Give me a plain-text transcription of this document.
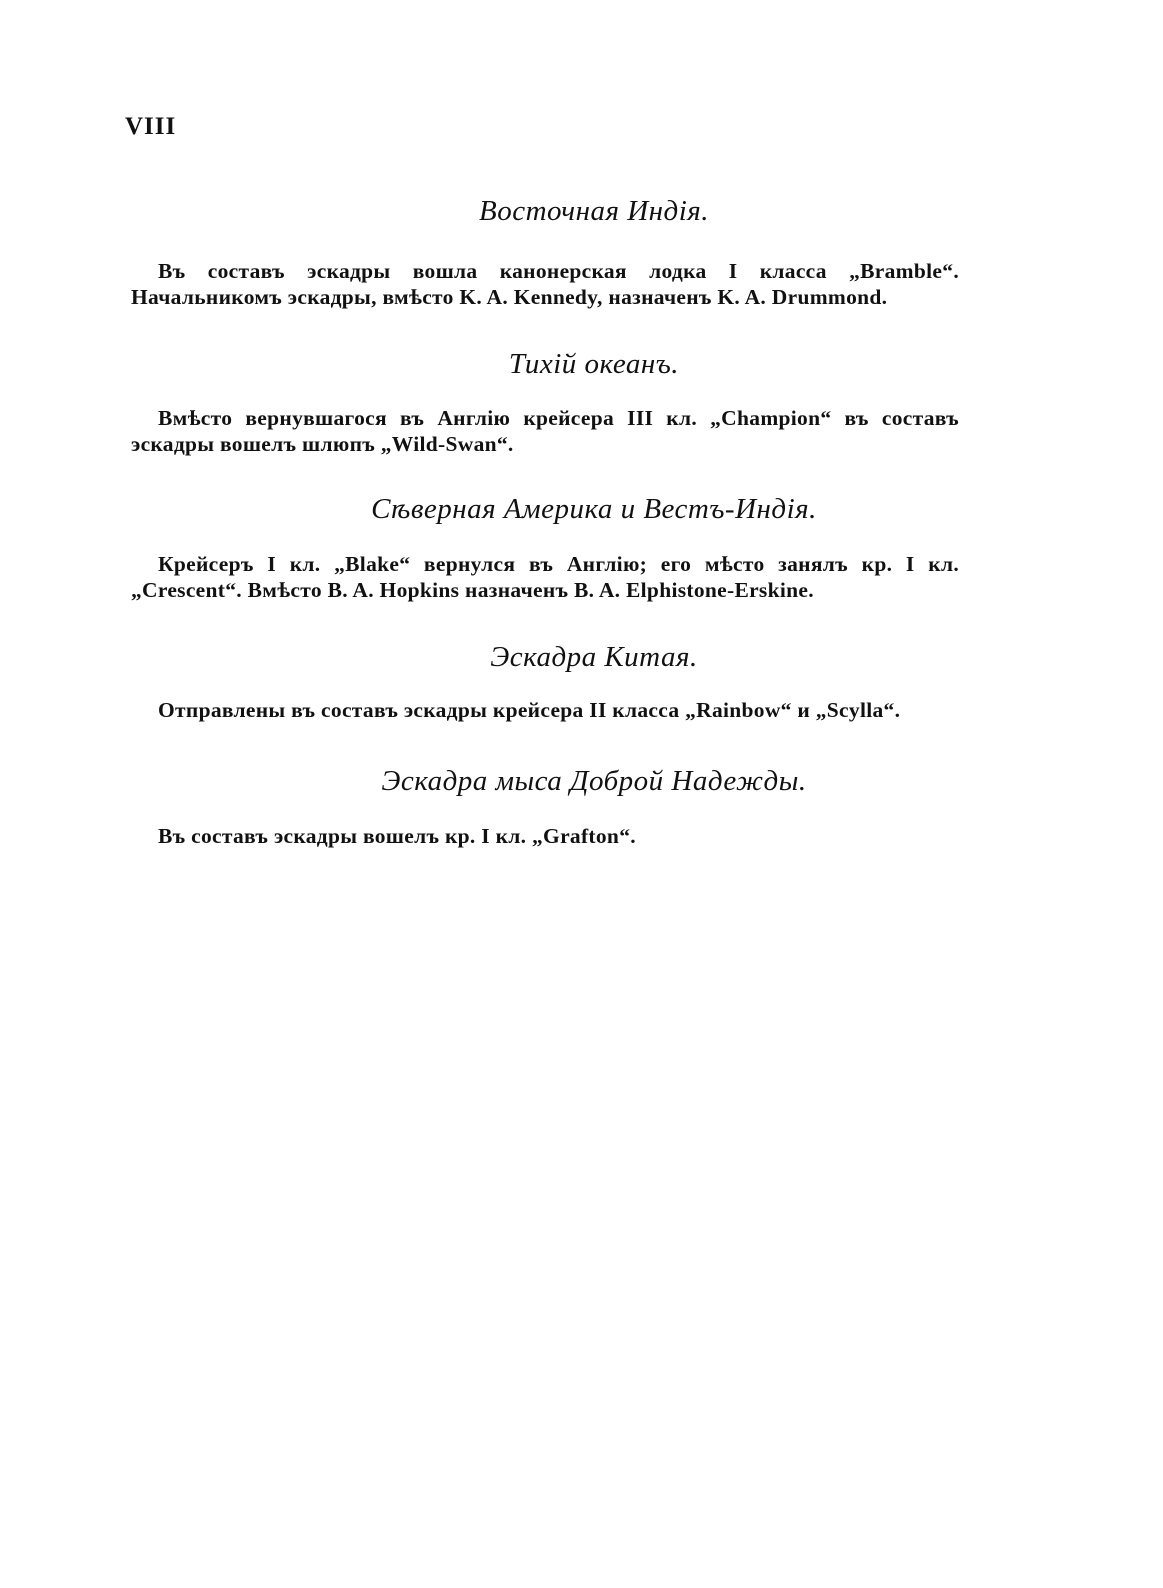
VIII
Восточная Индія.

Въ составъ эскадры вошла канонерская лодка I класса „Bramble“. Начальникомъ эскадры, вмѣсто K. A. Kennedy, назначенъ K. A. Drummond.

Тихій океанъ.

Вмѣсто вернувшагося въ Англію крейсера III кл. „Champion“ въ составъ эскадры вошелъ шлюпъ „Wild-Swan“.

Сѣверная Америка и Вестъ-Индія.

Крейсеръ I кл. „Blake“ вернулся въ Англію; его мѣсто занялъ кр. I кл. „Crescent“. Вмѣсто B. A. Hopkins назначенъ B. A. Elphistone-Erskine.

Эскадра Китая.

Отправлены въ составъ эскадры крейсера II класса „Rainbow“ и „Scylla“.

Эскадра мыса Доброй Надежды.

Въ составъ эскадры вошелъ кр. I кл. „Grafton“.
